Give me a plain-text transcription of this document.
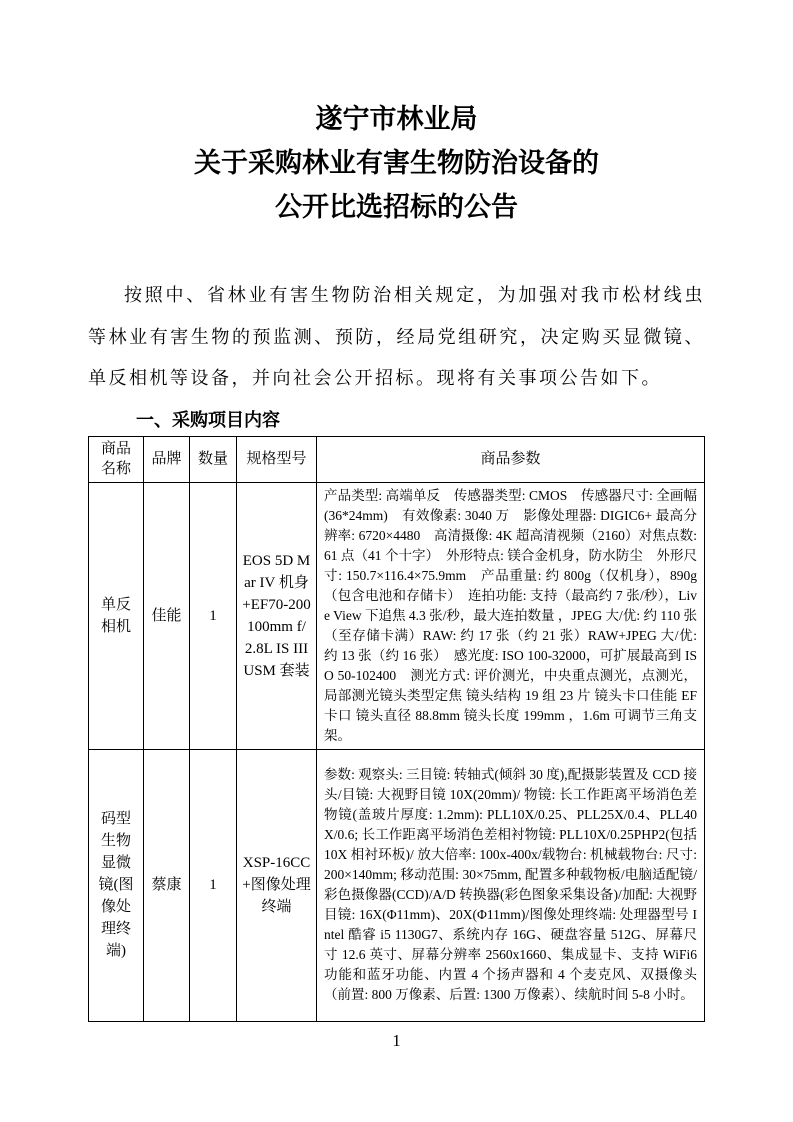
遂宁市林业局
关于采购林业有害生物防治设备的
公开比选招标的公告

按照中、省林业有害生物防治相关规定，为加强对我市松材线虫等林业有害生物的预监测、预防，经局党组研究，决定购买显微镜、单反相机等设备，并向社会公开招标。现将有关事项公告如下。

一、采购项目内容
商品名称	品牌	数量	规格型号	商品参数
单反相机	佳能	1	EOS 5D Mar IV 机身+EF70-200 100mm f/2.8L IS III USM 套装	产品类型: 高端单反　传感器类型: CMOS　传感器尺寸: 全画幅(36*24mm)　有效像素: 3040 万　影像处理器: DIGIC6+ 最高分辨率: 6720×4480　高清摄像: 4K 超高清视频（2160）对焦点数: 61 点（41 个十字）　外形特点: 镁合金机身，防水防尘　外形尺寸: 150.7×116.4×75.9mm　产品重量: 约 800g（仅机身），890g（包含电池和存储卡）　连拍功能: 支持（最高约 7 张/秒），Live View 下追焦 4.3 张/秒，最大连拍数量 ，JPEG 大/优: 约 110 张（至存储卡满）RAW: 约 17 张（约 21 张）RAW+JPEG 大/优: 约 13 张（约 16 张）　感光度: ISO 100-32000，可扩展最高到 ISO 50-102400　测光方式: 评价测光，中央重点测光，点测光，局部测光镜头类型定焦 镜头结构 19 组 23 片 镜头卡口佳能 EF 卡口 镜头直径 88.8mm 镜头长度 199mm ，1.6m 可调节三角支架。
码型生物显微镜(图像处理终端)	蔡康	1	XSP-16CC+图像处理终端	参数: 观察头: 三目镜: 转轴式(倾斜 30 度),配摄影装置及 CCD 接头/目镜: 大视野目镜 10X(20mm)/ 物镜: 长工作距离平场消色差物镜(盖玻片厚度: 1.2mm): PLL10X/0.25、PLL25X/0.4、PLL40X/0.6; 长工作距离平场消色差相衬物镜: PLL10X/0.25PHP2(包括 10X 相衬环板)/ 放大倍率: 100x-400x/载物台: 机械载物台: 尺寸: 200×140mm; 移动范围: 30×75mm, 配置多种载物板/电脑适配镜/彩色摄像器(CCD)/A/D 转换器(彩色图象采集设备)/加配: 大视野目镜: 16X(Φ11mm)、20X(Φ11mm)/图像处理终端: 处理器型号 Intel 酷睿 i5 1130G7、系统内存 16G、硬盘容量 512G、屏幕尺寸 12.6 英寸、屏幕分辨率 2560x1660、集成显卡、支持 WiFi6 功能和蓝牙功能、内置 4 个扬声器和 4 个麦克风、双摄像头（前置: 800 万像素、后置: 1300 万像素）、续航时间 5-8 小时。
1
